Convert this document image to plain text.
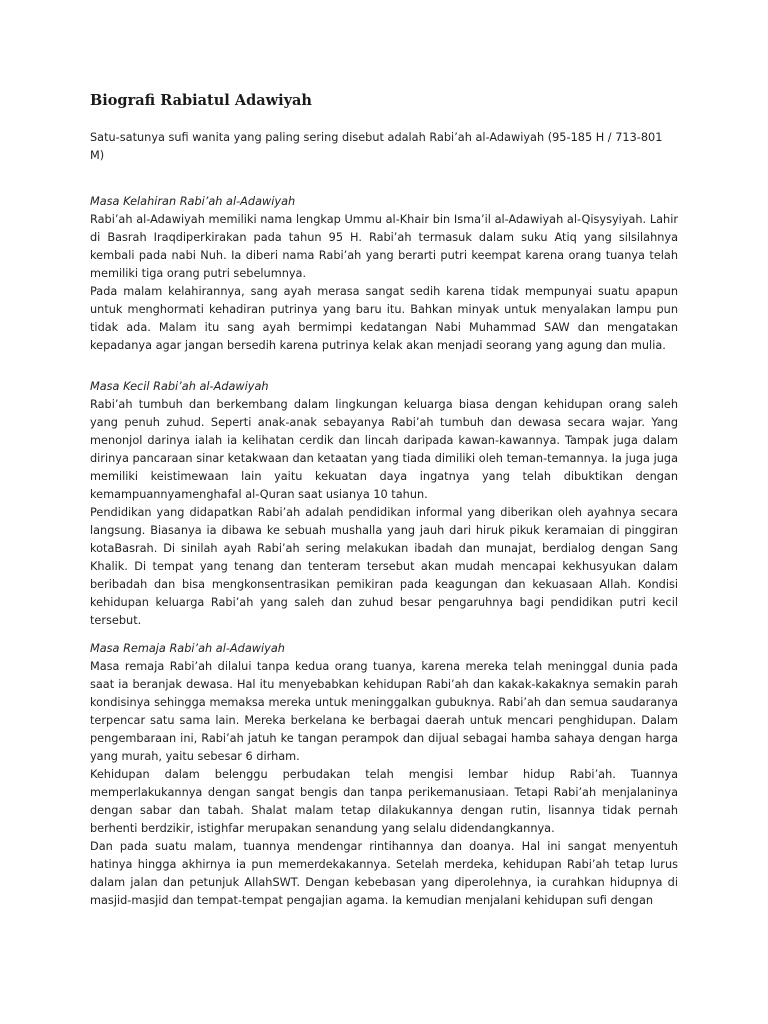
Biografi Rabiatul Adawiyah

Satu-satunya sufi wanita yang paling sering disebut adalah Rabi’ah al-Adawiyah (95-185 H / 713-801 M)

Masa Kelahiran Rabi’ah al-Adawiyah

Rabi’ah al-Adawiyah memiliki nama lengkap Ummu al-Khair bin Isma’il al-Adawiyah al-Qisysyiyah. Lahir di Basrah Iraqdiperkirakan pada tahun 95 H. Rabi’ah termasuk dalam suku Atiq yang silsilahnya kembali pada nabi Nuh. Ia diberi nama Rabi’ah yang berarti putri keempat karena orang tuanya telah memiliki tiga orang putri sebelumnya.

Pada malam kelahirannya, sang ayah merasa sangat sedih karena tidak mempunyai suatu apapun untuk menghormati kehadiran putrinya yang baru itu. Bahkan minyak untuk menyalakan lampu pun tidak ada. Malam itu sang ayah bermimpi kedatangan Nabi Muhammad SAW dan mengatakan kepadanya agar jangan bersedih karena putrinya kelak akan menjadi seorang yang agung dan mulia.

Masa Kecil Rabi’ah al-Adawiyah

Rabi’ah tumbuh dan berkembang dalam lingkungan keluarga biasa dengan kehidupan orang saleh yang penuh zuhud. Seperti anak-anak sebayanya Rabi’ah tumbuh dan dewasa secara wajar. Yang menonjol darinya ialah ia kelihatan cerdik dan lincah daripada kawan-kawannya. Tampak juga dalam dirinya pancaraan sinar ketakwaan dan ketaatan yang tiada dimiliki oleh teman-temannya. Ia juga juga memiliki keistimewaan lain yaitu kekuatan daya ingatnya yang telah dibuktikan dengan kemampuannyamenghafal al-Quran saat usianya 10 tahun.

Pendidikan yang didapatkan Rabi’ah adalah pendidikan informal yang diberikan oleh ayahnya secara langsung. Biasanya ia dibawa ke sebuah mushalla yang jauh dari hiruk pikuk keramaian di pinggiran kotaBasrah. Di sinilah ayah Rabi’ah sering melakukan ibadah dan munajat, berdialog dengan Sang Khalik. Di tempat yang tenang dan tenteram tersebut akan mudah mencapai kekhusyukan dalam beribadah dan bisa mengkonsentrasikan pemikiran pada keagungan dan kekuasaan Allah. Kondisi kehidupan keluarga Rabi’ah yang saleh dan zuhud besar pengaruhnya bagi pendidikan putri kecil tersebut.

Masa Remaja Rabi’ah al-Adawiyah

Masa remaja Rabi’ah dilalui tanpa kedua orang tuanya, karena mereka telah meninggal dunia pada saat ia beranjak dewasa. Hal itu menyebabkan kehidupan Rabi’ah dan kakak-kakaknya semakin parah kondisinya sehingga memaksa mereka untuk meninggalkan gubuknya. Rabi’ah dan semua saudaranya terpencar satu sama lain. Mereka berkelana ke berbagai daerah untuk mencari penghidupan. Dalam pengembaraan ini, Rabi’ah jatuh ke tangan perampok dan dijual sebagai hamba sahaya dengan harga yang murah, yaitu sebesar 6 dirham.

Kehidupan dalam belenggu perbudakan telah mengisi lembar hidup Rabi’ah. Tuannya memperlakukannya dengan sangat bengis dan tanpa perikemanusiaan. Tetapi Rabi’ah menjalaninya dengan sabar dan tabah. Shalat malam tetap dilakukannya dengan rutin, lisannya tidak pernah berhenti berdzikir, istighfar merupakan senandung yang selalu didendangkannya.

Dan pada suatu malam, tuannya mendengar rintihannya dan doanya. Hal ini sangat menyentuh hatinya hingga akhirnya ia pun memerdekakannya. Setelah merdeka, kehidupan Rabi’ah tetap lurus dalam jalan dan petunjuk AllahSWT. Dengan kebebasan yang diperolehnya, ia curahkan hidupnya di masjid-masjid dan tempat-tempat pengajian agama. Ia kemudian menjalani kehidupan sufi dengan
